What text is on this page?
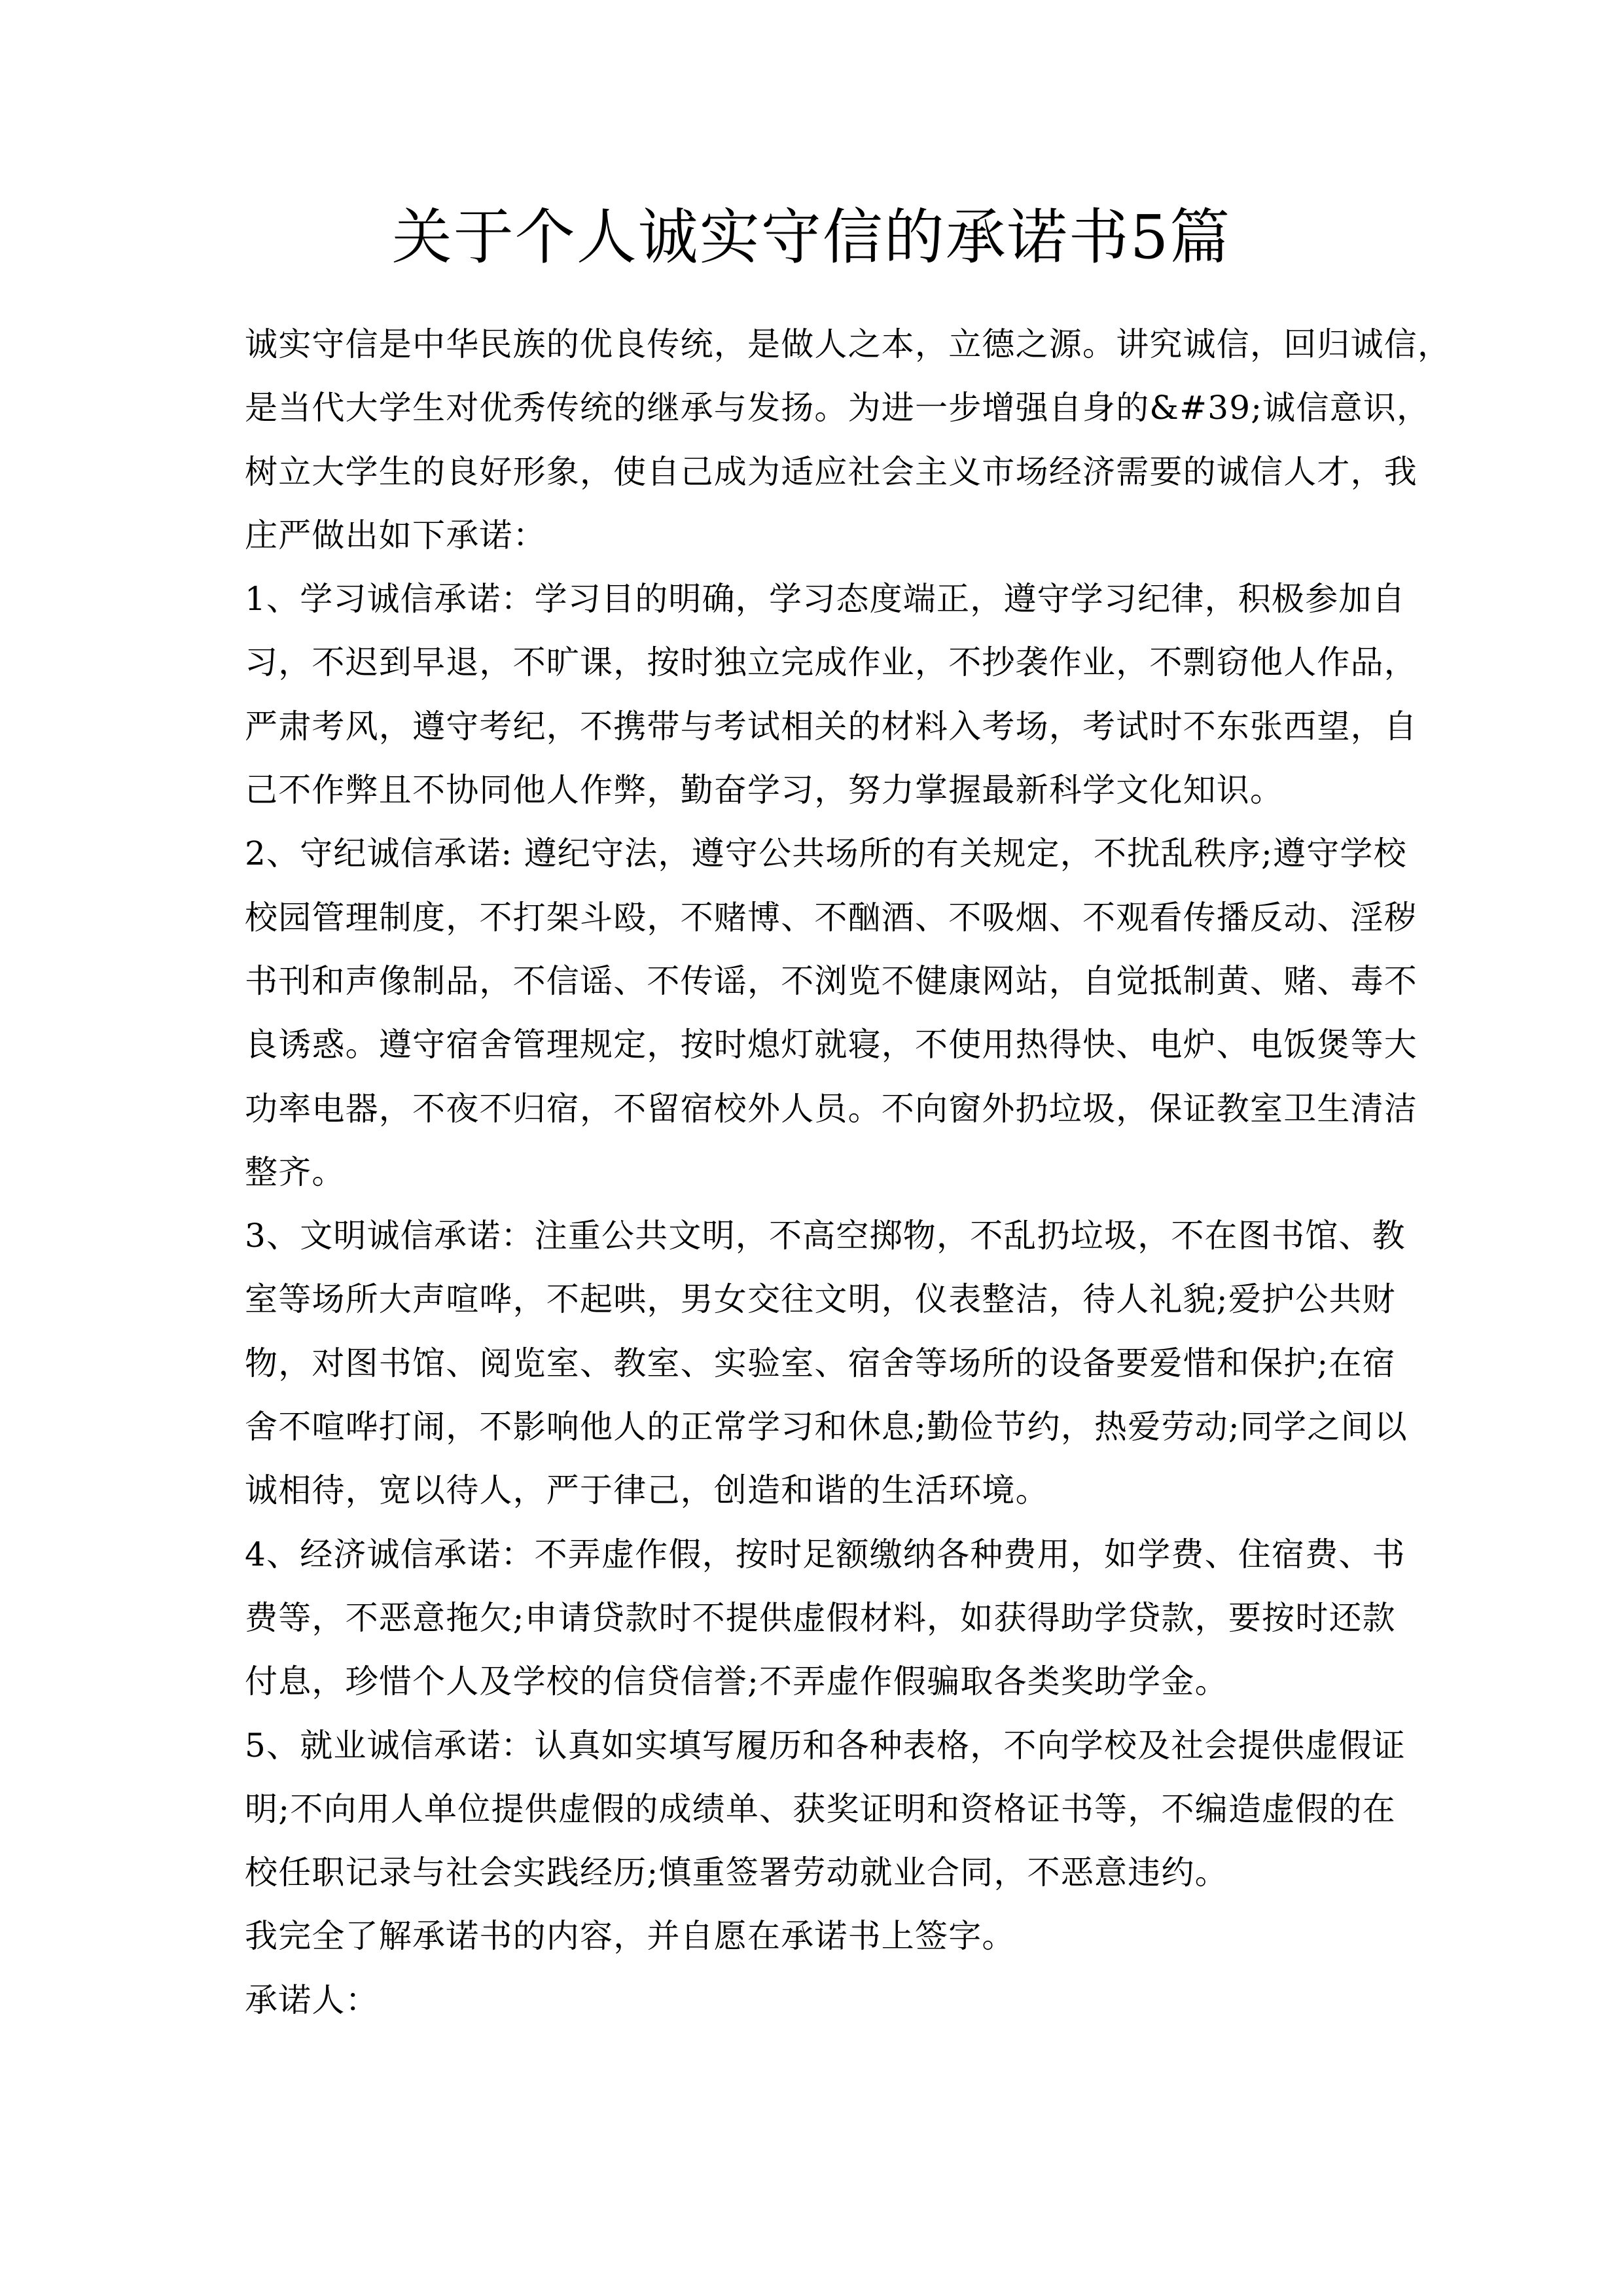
关于个人诚实守信的承诺书5篇
诚实守信是中华民族的优良传统，是做人之本，立德之源。讲究诚信，回归诚信，
是当代大学生对优秀传统的继承与发扬。为进一步增强自身的&#39;诚信意识，
树立大学生的良好形象，使自己成为适应社会主义市场经济需要的诚信人才，我
庄严做出如下承诺：
1、学习诚信承诺：学习目的明确，学习态度端正，遵守学习纪律，积极参加自
习，不迟到早退，不旷课，按时独立完成作业，不抄袭作业，不剽窃他人作品，
严肃考风，遵守考纪，不携带与考试相关的材料入考场，考试时不东张西望，自
己不作弊且不协同他人作弊，勤奋学习，努力掌握最新科学文化知识。
2、守纪诚信承诺: 遵纪守法，遵守公共场所的有关规定，不扰乱秩序;遵守学校
校园管理制度，不打架斗殴，不赌博、不酗酒、不吸烟、不观看传播反动、淫秽
书刊和声像制品，不信谣、不传谣，不浏览不健康网站，自觉抵制黄、赌、毒不
良诱惑。遵守宿舍管理规定，按时熄灯就寝，不使用热得快、电炉、电饭煲等大
功率电器，不夜不归宿，不留宿校外人员。不向窗外扔垃圾，保证教室卫生清洁
整齐。
3、文明诚信承诺：注重公共文明，不高空掷物，不乱扔垃圾，不在图书馆、教
室等场所大声喧哗，不起哄，男女交往文明，仪表整洁，待人礼貌;爱护公共财
物，对图书馆、阅览室、教室、实验室、宿舍等场所的设备要爱惜和保护;在宿
舍不喧哗打闹，不影响他人的正常学习和休息;勤俭节约，热爱劳动;同学之间以
诚相待，宽以待人，严于律己，创造和谐的生活环境。
4、经济诚信承诺：不弄虚作假，按时足额缴纳各种费用，如学费、住宿费、书
费等，不恶意拖欠;申请贷款时不提供虚假材料，如获得助学贷款，要按时还款
付息，珍惜个人及学校的信贷信誉;不弄虚作假骗取各类奖助学金。
5、就业诚信承诺：认真如实填写履历和各种表格，不向学校及社会提供虚假证
明;不向用人单位提供虚假的成绩单、获奖证明和资格证书等，不编造虚假的在
校任职记录与社会实践经历;慎重签署劳动就业合同，不恶意违约。
我完全了解承诺书的内容，并自愿在承诺书上签字。
承诺人：
